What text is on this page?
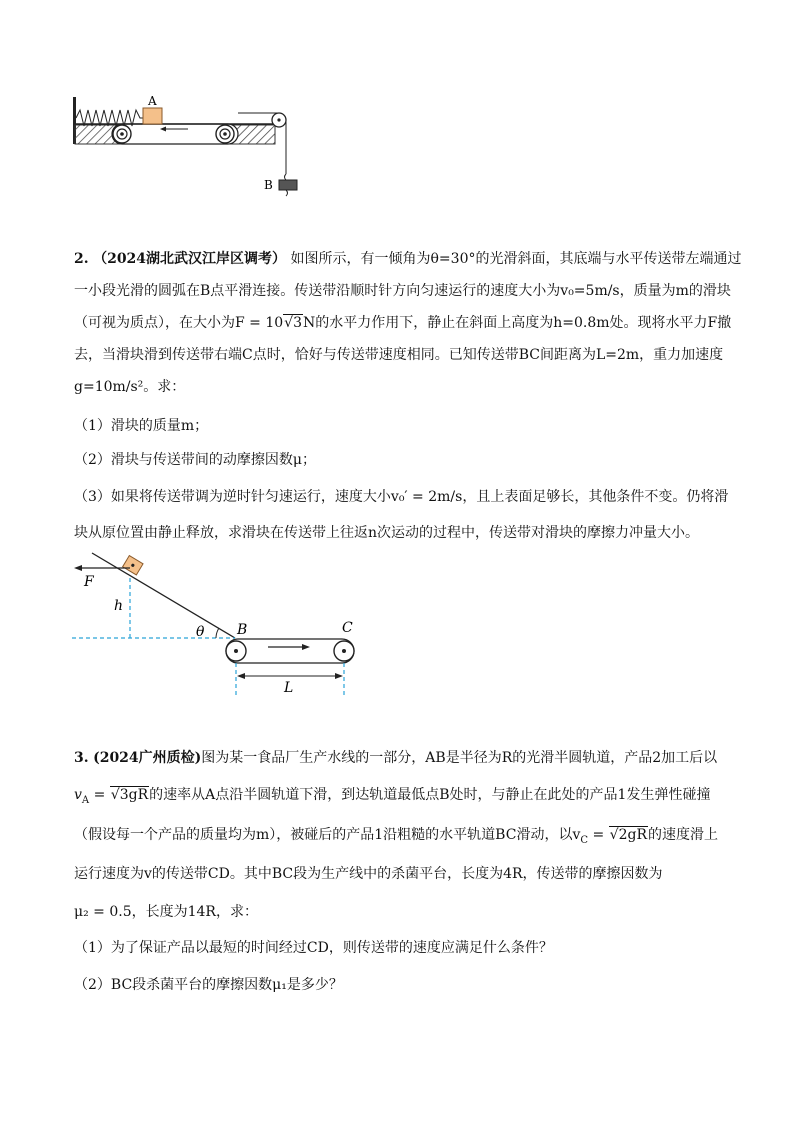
A
B
2. （2024湖北武汉江岸区调考） 如图所示，有一倾角为θ=30°的光滑斜面，其底端与水平传送带左端通过
一小段光滑的圆弧在B点平滑连接。传送带沿顺时针方向匀速运行的速度大小为v₀=5m/s，质量为m的滑块
（可视为质点），在大小为F = 10√3N的水平力作用下，静止在斜面上高度为h=0.8m处。现将水平力F撤
去，当滑块滑到传送带右端C点时，恰好与传送带速度相同。已知传送带BC间距离为L=2m，重力加速度
g=10m/s²。求：
（1）滑块的质量m；
（2）滑块与传送带间的动摩擦因数μ；
（3）如果将传送带调为逆时针匀速运行，速度大小v₀′ = 2m/s，且上表面足够长，其他条件不变。仍将滑
块从原位置由静止释放，求滑块在传送带上往返n次运动的过程中，传送带对滑块的摩擦力冲量大小。
F
h
θ B	C
L
3. (2024广州质检)图为某一食品厂生产水线的一部分，AB是半径为R的光滑半圆轨道，产品2加工后以
$v_A = √3gR$的速率从A点沿半圆轨道下滑，到达轨道最低点B处时，与静止在此处的产品1发生弹性碰撞
（假设每一个产品的质量均为m），被碰后的产品1沿粗糙的水平轨道BC滑动，以$v_C = √2gR$的速度滑上
运行速度为v的传送带CD。其中BC段为生产线中的杀菌平台，长度为4R，传送带的摩擦因数为
μ₂ = 0.5，长度为14R，求：
（1）为了保证产品以最短的时间经过CD，则传送带的速度应满足什么条件？
（2）BC段杀菌平台的摩擦因数μ₁是多少？
